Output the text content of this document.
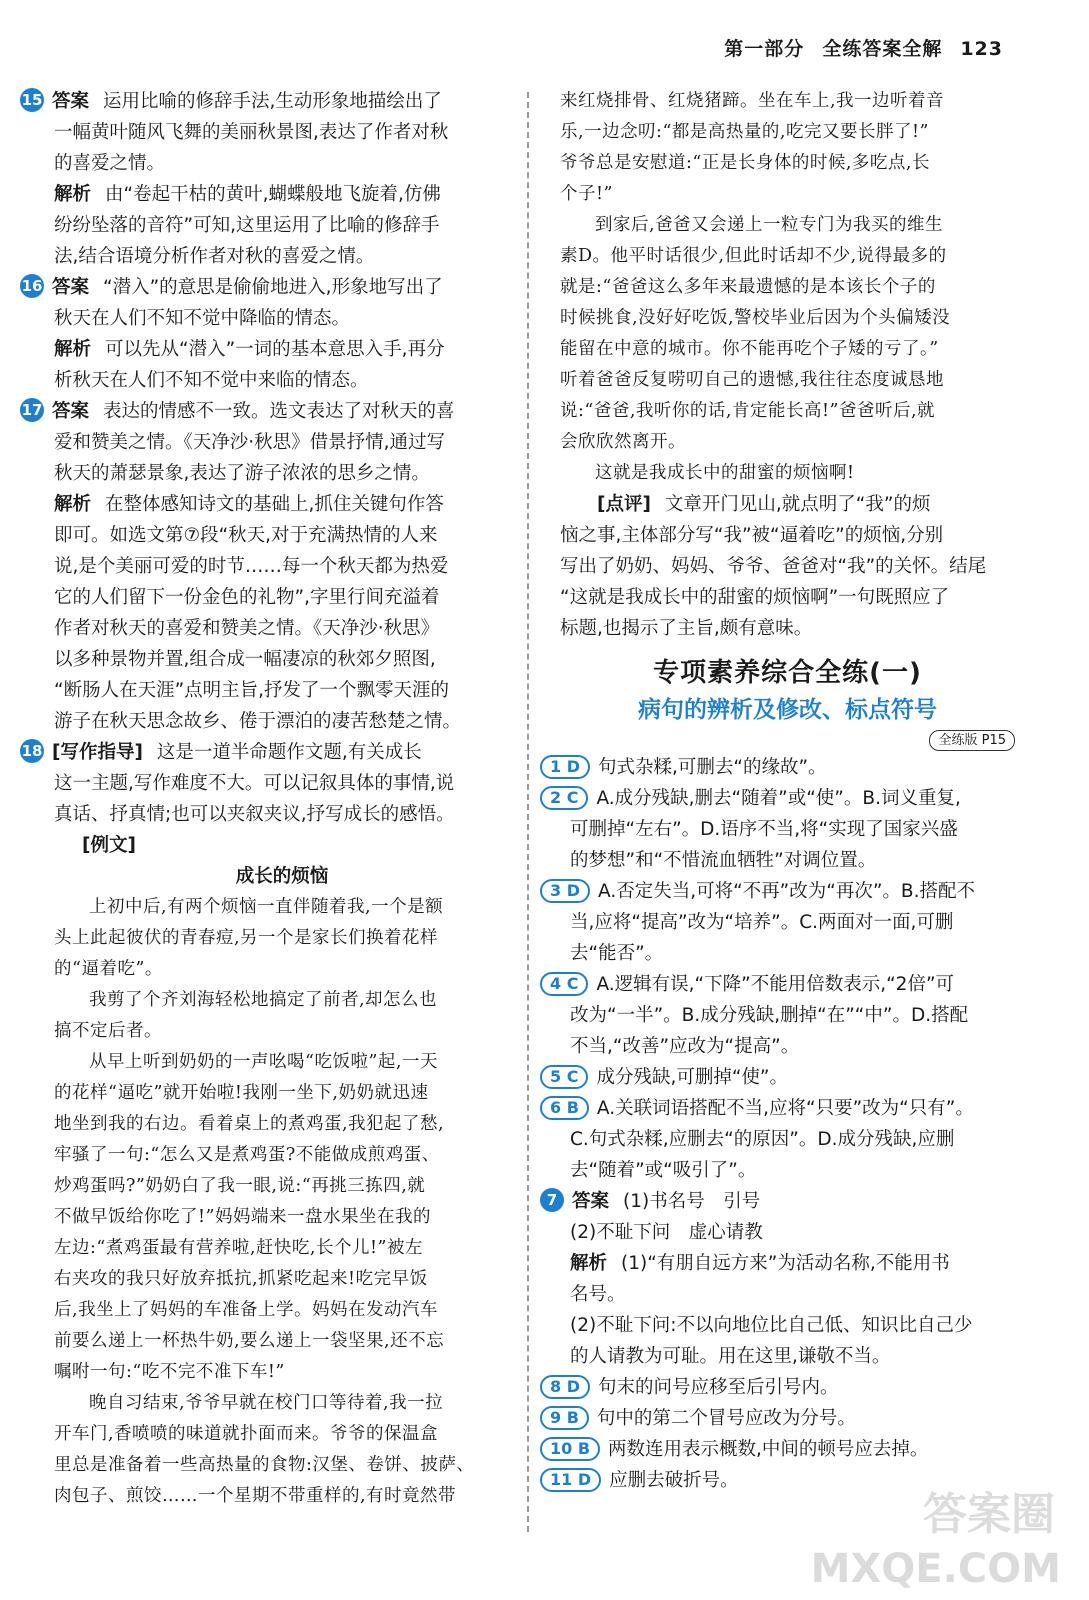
第一部分 全练答案全解 123

15 答案 运用比喻的修辞手法,生动形象地描绘出了

一幅黄叶随风飞舞的美丽秋景图,表达了作者对秋

的喜爱之情。

解析 由“卷起干枯的黄叶,蝴蝶般地飞旋着,仿佛

纷纷坠落的音符”可知,这里运用了比喻的修辞手

法,结合语境分析作者对秋的喜爱之情。

16 答案 “潜入”的意思是偷偷地进入,形象地写出了

秋天在人们不知不觉中降临的情态。

解析 可以先从“潜入”一词的基本意思入手,再分

析秋天在人们不知不觉中来临的情态。

17 答案 表达的情感不一致。选文表达了对秋天的喜

爱和赞美之情。《天净沙·秋思》借景抒情,通过写

秋天的萧瑟景象,表达了游子浓浓的思乡之情。

解析 在整体感知诗文的基础上,抓住关键句作答

即可。如选文第⑦段“秋天,对于充满热情的人来

说,是个美丽可爱的时节……每一个秋天都为热爱

它的人们留下一份金色的礼物”,字里行间充溢着

作者对秋天的喜爱和赞美之情。《天净沙·秋思》

以多种景物并置,组合成一幅凄凉的秋郊夕照图,

“断肠人在天涯”点明主旨,抒发了一个飘零天涯的

游子在秋天思念故乡、倦于漂泊的凄苦愁楚之情。

18 [写作指导] 这是一道半命题作文题,有关成长

这一主题,写作难度不大。可以记叙具体的事情,说

真话、抒真情;也可以夹叙夹议,抒写成长的感悟。

[例文]

成长的烦恼

上初中后,有两个烦恼一直伴随着我,一个是额

头上此起彼伏的青春痘,另一个是家长们换着花样

的“逼着吃”。

我剪了个齐刘海轻松地搞定了前者,却怎么也

搞不定后者。

从早上听到奶奶的一声吆喝“吃饭啦”起,一天

的花样“逼吃”就开始啦!我刚一坐下,奶奶就迅速

地坐到我的右边。看着桌上的煮鸡蛋,我犯起了愁,

牢骚了一句:“怎么又是煮鸡蛋?不能做成煎鸡蛋、

炒鸡蛋吗?”奶奶白了我一眼,说:“再挑三拣四,就

不做早饭给你吃了!”妈妈端来一盘水果坐在我的

左边:“煮鸡蛋最有营养啦,赶快吃,长个儿!”被左

右夹攻的我只好放弃抵抗,抓紧吃起来!吃完早饭

后,我坐上了妈妈的车准备上学。妈妈在发动汽车

前要么递上一杯热牛奶,要么递上一袋坚果,还不忘

嘱咐一句:“吃不完不准下车!”

晚自习结束,爷爷早就在校门口等待着,我一拉

开车门,香喷喷的味道就扑面而来。爷爷的保温盒

里总是准备着一些高热量的食物:汉堡、卷饼、披萨、

肉包子、煎饺……一个星期不带重样的,有时竟然带

来红烧排骨、红烧猪蹄。坐在车上,我一边听着音

乐,一边念叨:“都是高热量的,吃完又要长胖了!”

爷爷总是安慰道:“正是长身体的时候,多吃点,长

个子!”

到家后,爸爸又会递上一粒专门为我买的维生

素D。他平时话很少,但此时话却不少,说得最多的

就是:“爸爸这么多年来最遗憾的是本该长个子的

时候挑食,没好好吃饭,警校毕业后因为个头偏矮没

能留在中意的城市。你不能再吃个子矮的亏了。”

听着爸爸反复唠叨自己的遗憾,我往往态度诚恳地

说:“爸爸,我听你的话,肯定能长高!”爸爸听后,就

会欣欣然离开。

这就是我成长中的甜蜜的烦恼啊!

[点评] 文章开门见山,就点明了“我”的烦

恼之事,主体部分写“我”被“逼着吃”的烦恼,分别

写出了奶奶、妈妈、爷爷、爸爸对“我”的关怀。结尾

“这就是我成长中的甜蜜的烦恼啊”一句既照应了

标题,也揭示了主旨,颇有意味。

专项素养综合全练(一)
病句的辨析及修改、标点符号
全练版 P15

1 D 句式杂糅,可删去“的缘故”。

2 C A.成分残缺,删去“随着”或“使”。B.词义重复,

可删掉“左右”。D.语序不当,将“实现了国家兴盛

的梦想”和“不惜流血牺牲”对调位置。

3 D A.否定失当,可将“不再”改为“再次”。B.搭配不

当,应将“提高”改为“培养”。C.两面对一面,可删

去“能否”。

4 C A.逻辑有误,“下降”不能用倍数表示,“2倍”可

改为“一半”。B.成分残缺,删掉“在”“中”。D.搭配

不当,“改善”应改为“提高”。

5 C 成分残缺,可删掉“使”。

6 B A.关联词语搭配不当,应将“只要”改为“只有”。

C.句式杂糅,应删去“的原因”。D.成分残缺,应删

去“随着”或“吸引了”。

7 答案 (1)书名号　引号

(2)不耻下问　虚心请教

解析 (1)“有朋自远方来”为活动名称,不能用书

名号。

(2)不耻下问:不以向地位比自己低、知识比自己少

的人请教为可耻。用在这里,谦敬不当。

8 D 句末的问号应移至后引号内。

9 B 句中的第二个冒号应改为分号。

10 B 两数连用表示概数,中间的顿号应去掉。

11 D 应删去破折号。

答案圈
MXQE.COM
